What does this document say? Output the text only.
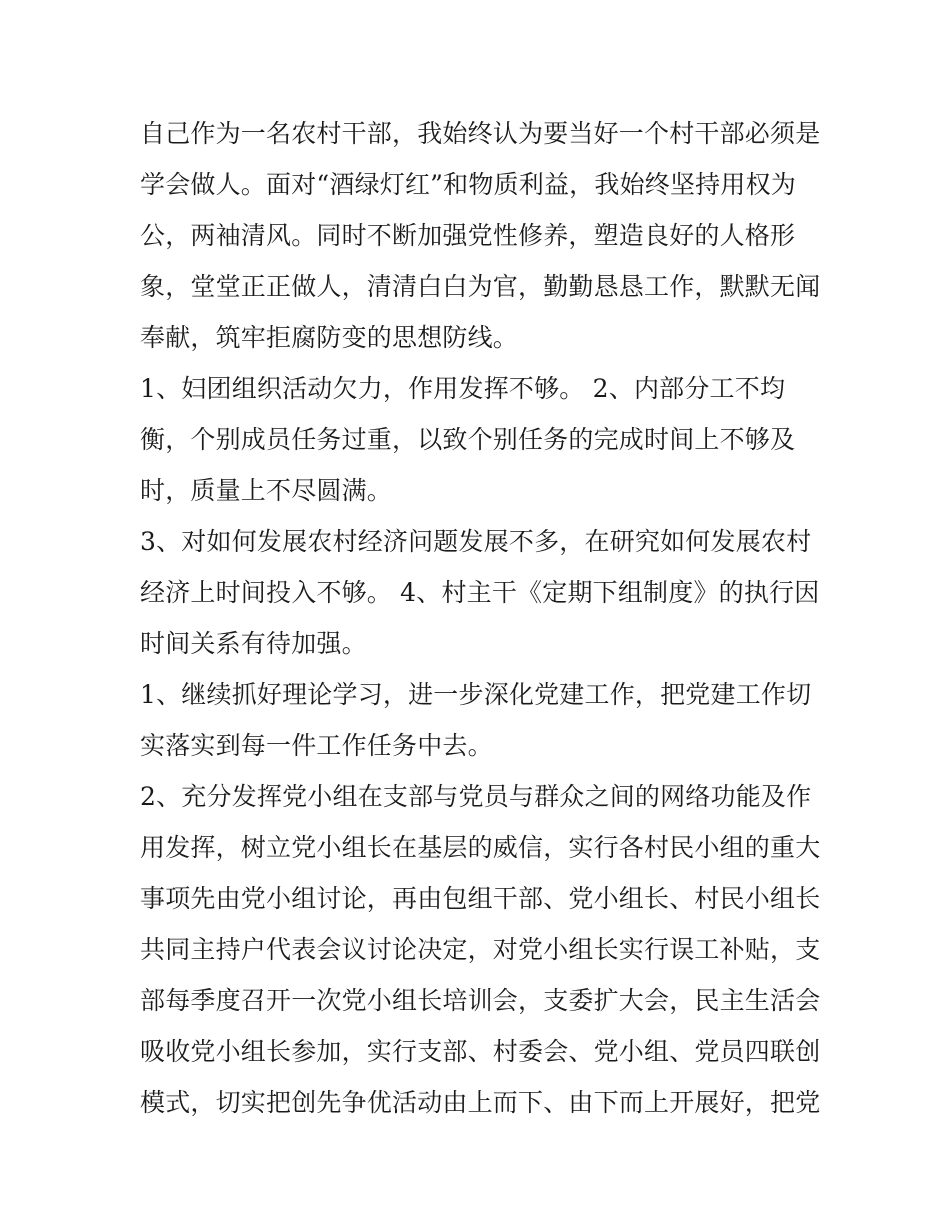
自己作为一名农村干部，我始终认为要当好一个村干部必须是
学会做人。面对“酒绿灯红”和物质利益，我始终坚持用权为
公，两袖清风。同时不断加强党性修养，塑造良好的人格形
象，堂堂正正做人，清清白白为官，勤勤恳恳工作，默默无闻
奉献，筑牢拒腐防变的思想防线。
1、妇团组织活动欠力，作用发挥不够。 2、内部分工不均
衡，个别成员任务过重，以致个别任务的完成时间上不够及
时，质量上不尽圆满。
3、对如何发展农村经济问题发展不多，在研究如何发展农村
经济上时间投入不够。 4、村主干《定期下组制度》的执行因
时间关系有待加强。
1、继续抓好理论学习，进一步深化党建工作，把党建工作切
实落实到每一件工作任务中去。
2、充分发挥党小组在支部与党员与群众之间的网络功能及作
用发挥，树立党小组长在基层的威信，实行各村民小组的重大
事项先由党小组讨论，再由包组干部、党小组长、村民小组长
共同主持户代表会议讨论决定，对党小组长实行误工补贴，支
部每季度召开一次党小组长培训会，支委扩大会，民主生活会
吸收党小组长参加，实行支部、村委会、党小组、党员四联创
模式，切实把创先争优活动由上而下、由下而上开展好，把党
